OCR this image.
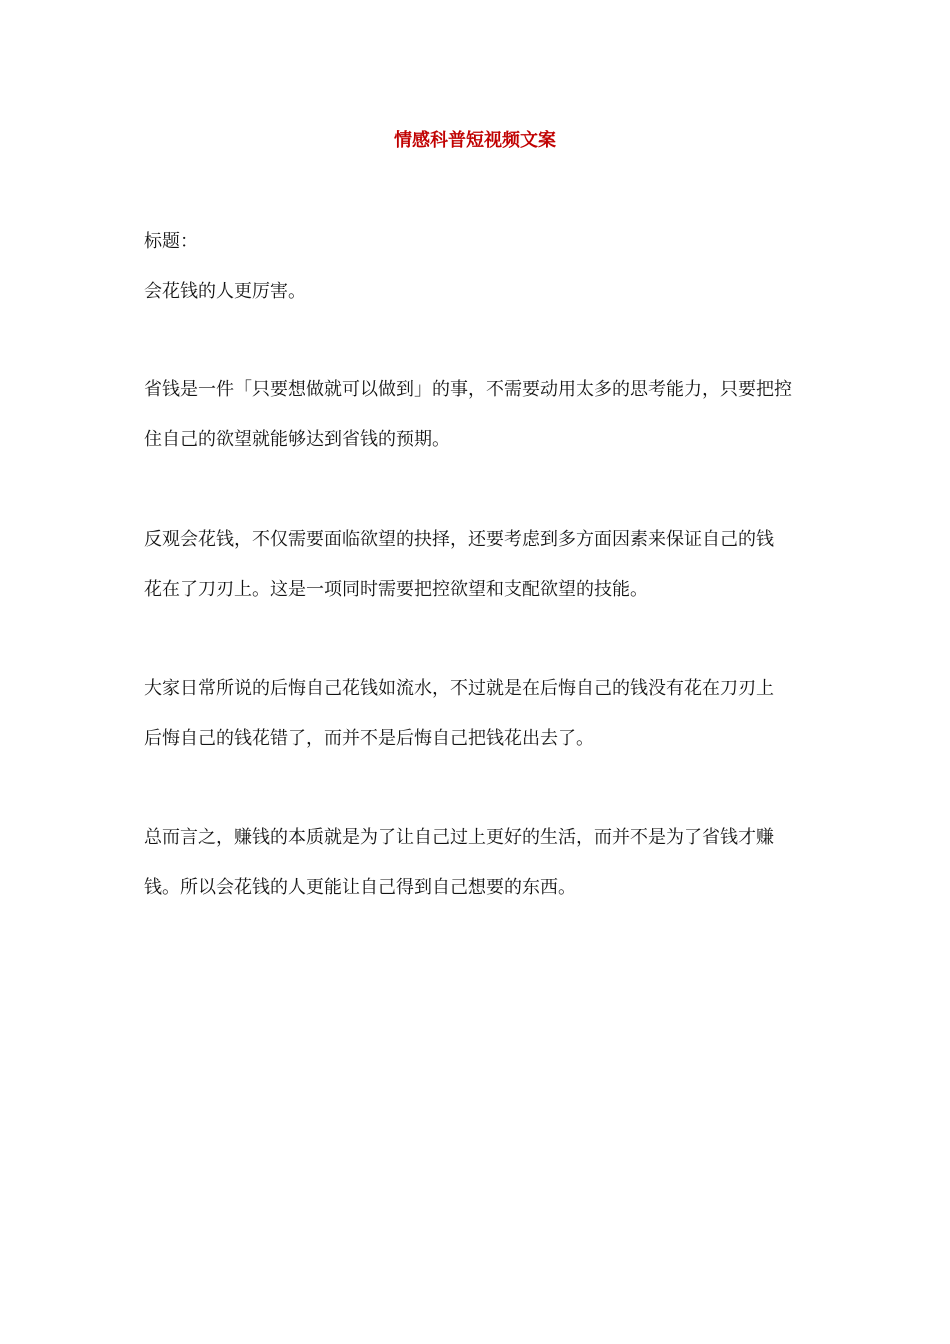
情感科普短视频文案
标题：
会花钱的人更厉害。
省钱是一件「只要想做就可以做到」的事，不需要动用太多的思考能力，只要把控
住自己的欲望就能够达到省钱的预期。
反观会花钱，不仅需要面临欲望的抉择，还要考虑到多方面因素来保证自己的钱
花在了刀刃上。这是一项同时需要把控欲望和支配欲望的技能。
大家日常所说的后悔自己花钱如流水，不过就是在后悔自己的钱没有花在刀刃上
后悔自己的钱花错了，而并不是后悔自己把钱花出去了。
总而言之，赚钱的本质就是为了让自己过上更好的生活，而并不是为了省钱才赚
钱。所以会花钱的人更能让自己得到自己想要的东西。
